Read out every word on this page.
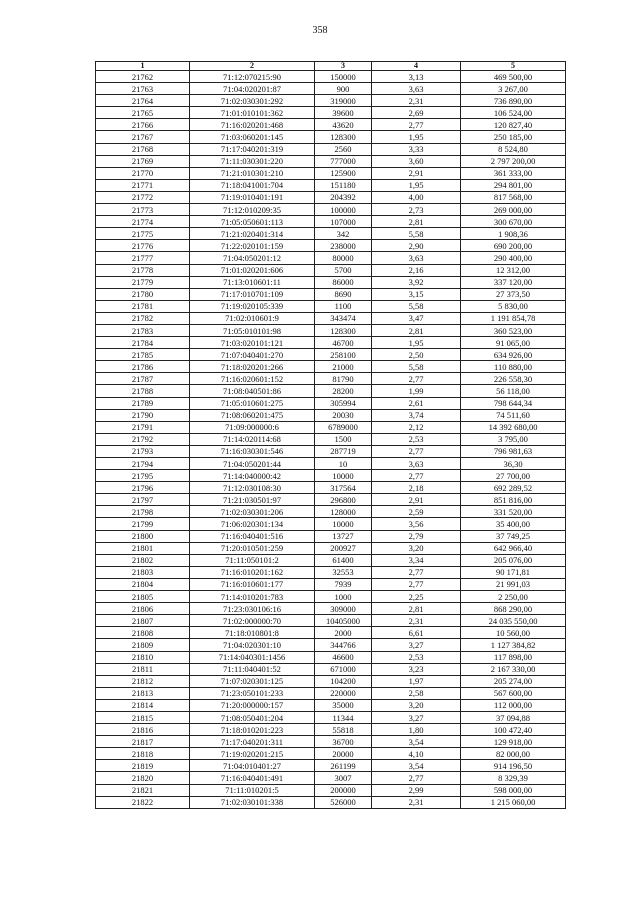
358
1	2	3	4	5
21762	71:12:070215:90	150000	3,13	469 500,00
21763	71:04:020201:87	900	3,63	3 267,00
21764	71:02:030301:292	319000	2,31	736 890,00
21765	71:01:010101:362	39600	2,69	106 524,00
21766	71:16:020201:468	43620	2,77	120 827,40
21767	71:03:060201:145	128300	1,95	250 185,00
21768	71:17:040201:319	2560	3,33	8 524,80
21769	71:11:030301:220	777000	3,60	2 797 200,00
21770	71:21:010301:210	125900	2,91	361 333,00
21771	71:18:041001:704	151180	1,95	294 801,00
21772	71:19:010401:191	204392	4,00	817 568,00
21773	71:12:010209:35	100000	2,73	269 000,00
21774	71:05:050601:113	107000	2,81	300 670,00
21775	71:21:020401:314	342	5,58	1 908,36
21776	71:22:020101:159	238000	2,90	690 200,00
21777	71:04:050201:12	80000	3,63	290 400,00
21778	71:01:020201:606	5700	2,16	12 312,00
21779	71:13:010601:11	86000	3,92	337 120,00
21780	71:17:010701:109	8690	3,15	27 373,50
21781	71:19:020105:339	1100	5,58	5 830,00
21782	71:02:010601:9	343474	3,47	1 191 854,78
21783	71:05:010101:98	128300	2,81	360 523,00
21784	71:03:020101:121	46700	1,95	91 065,00
21785	71:07:040401:270	258100	2,50	634 926,00
21786	71:18:020201:266	21000	5,58	110 880,00
21787	71:16:020601:152	81790	2,77	226 558,30
21788	71:08:040501:86	28200	1,99	56 118,00
21789	71:05:010601:275	305994	2,61	798 644,34
21790	71:08:060201:475	20030	3,74	74 511,60
21791	71:09:000000:6	6789000	2,12	14 392 680,00
21792	71:14:020114:68	1500	2,53	3 795,00
21793	71:16:030301:546	287719	2,77	796 981,63
21794	71:04:050201:44	10	3,63	36,30
21795	71:14:040000:42	10000	2,77	27 700,00
21796	71:12:030108:30	317564	2,18	692 289,52
21797	71:21:030501:97	296800	2,91	851 816,00
21798	71:02:030301:206	128000	2,59	331 520,00
21799	71:06:020301:134	10000	3,56	35 400,00
21800	71:16:040401:516	13727	2,79	37 749,25
21801	71:20:010501:259	200927	3,20	642 966,40
21802	71:11:050101:2	61400	3,34	205 076,00
21803	71:16:010201:162	32553	2,77	90 171,81
21804	71:16:010601:177	7939	2,77	21 991,03
21805	71:14:010201:783	1000	2,25	2 250,00
21806	71:23:030106:16	309000	2,81	868 290,00
21807	71:02:000000:70	10405000	2,31	24 035 550,00
21808	71:18:010801:8	2000	6,61	10 560,00
21809	71:04:020301:10	344766	3,27	1 127 384,82
21810	71:14:040301:1456	46600	2,53	117 898,00
21811	71:11:040401:52	671000	3,23	2 167 330,00
21812	71:07:020301:125	104200	1,97	205 274,00
21813	71:23:050101:233	220000	2,58	567 600,00
21814	71:20:000000:157	35000	3,20	112 000,00
21815	71:08:050401:204	11344	3,27	37 094,88
21816	71:18:010201:223	55818	1,80	100 472,40
21817	71:17:040201:311	36700	3,54	129 918,00
21818	71:19:020201:215	20000	4,10	82 000,00
21819	71:04:010401:27	261199	3,54	914 196,50
21820	71:16:040401:491	3007	2,77	8 329,39
21821	71:11:010201:5	200000	2,99	598 000,00
21822	71:02:030101:338	526000	2,31	1 215 060,00
